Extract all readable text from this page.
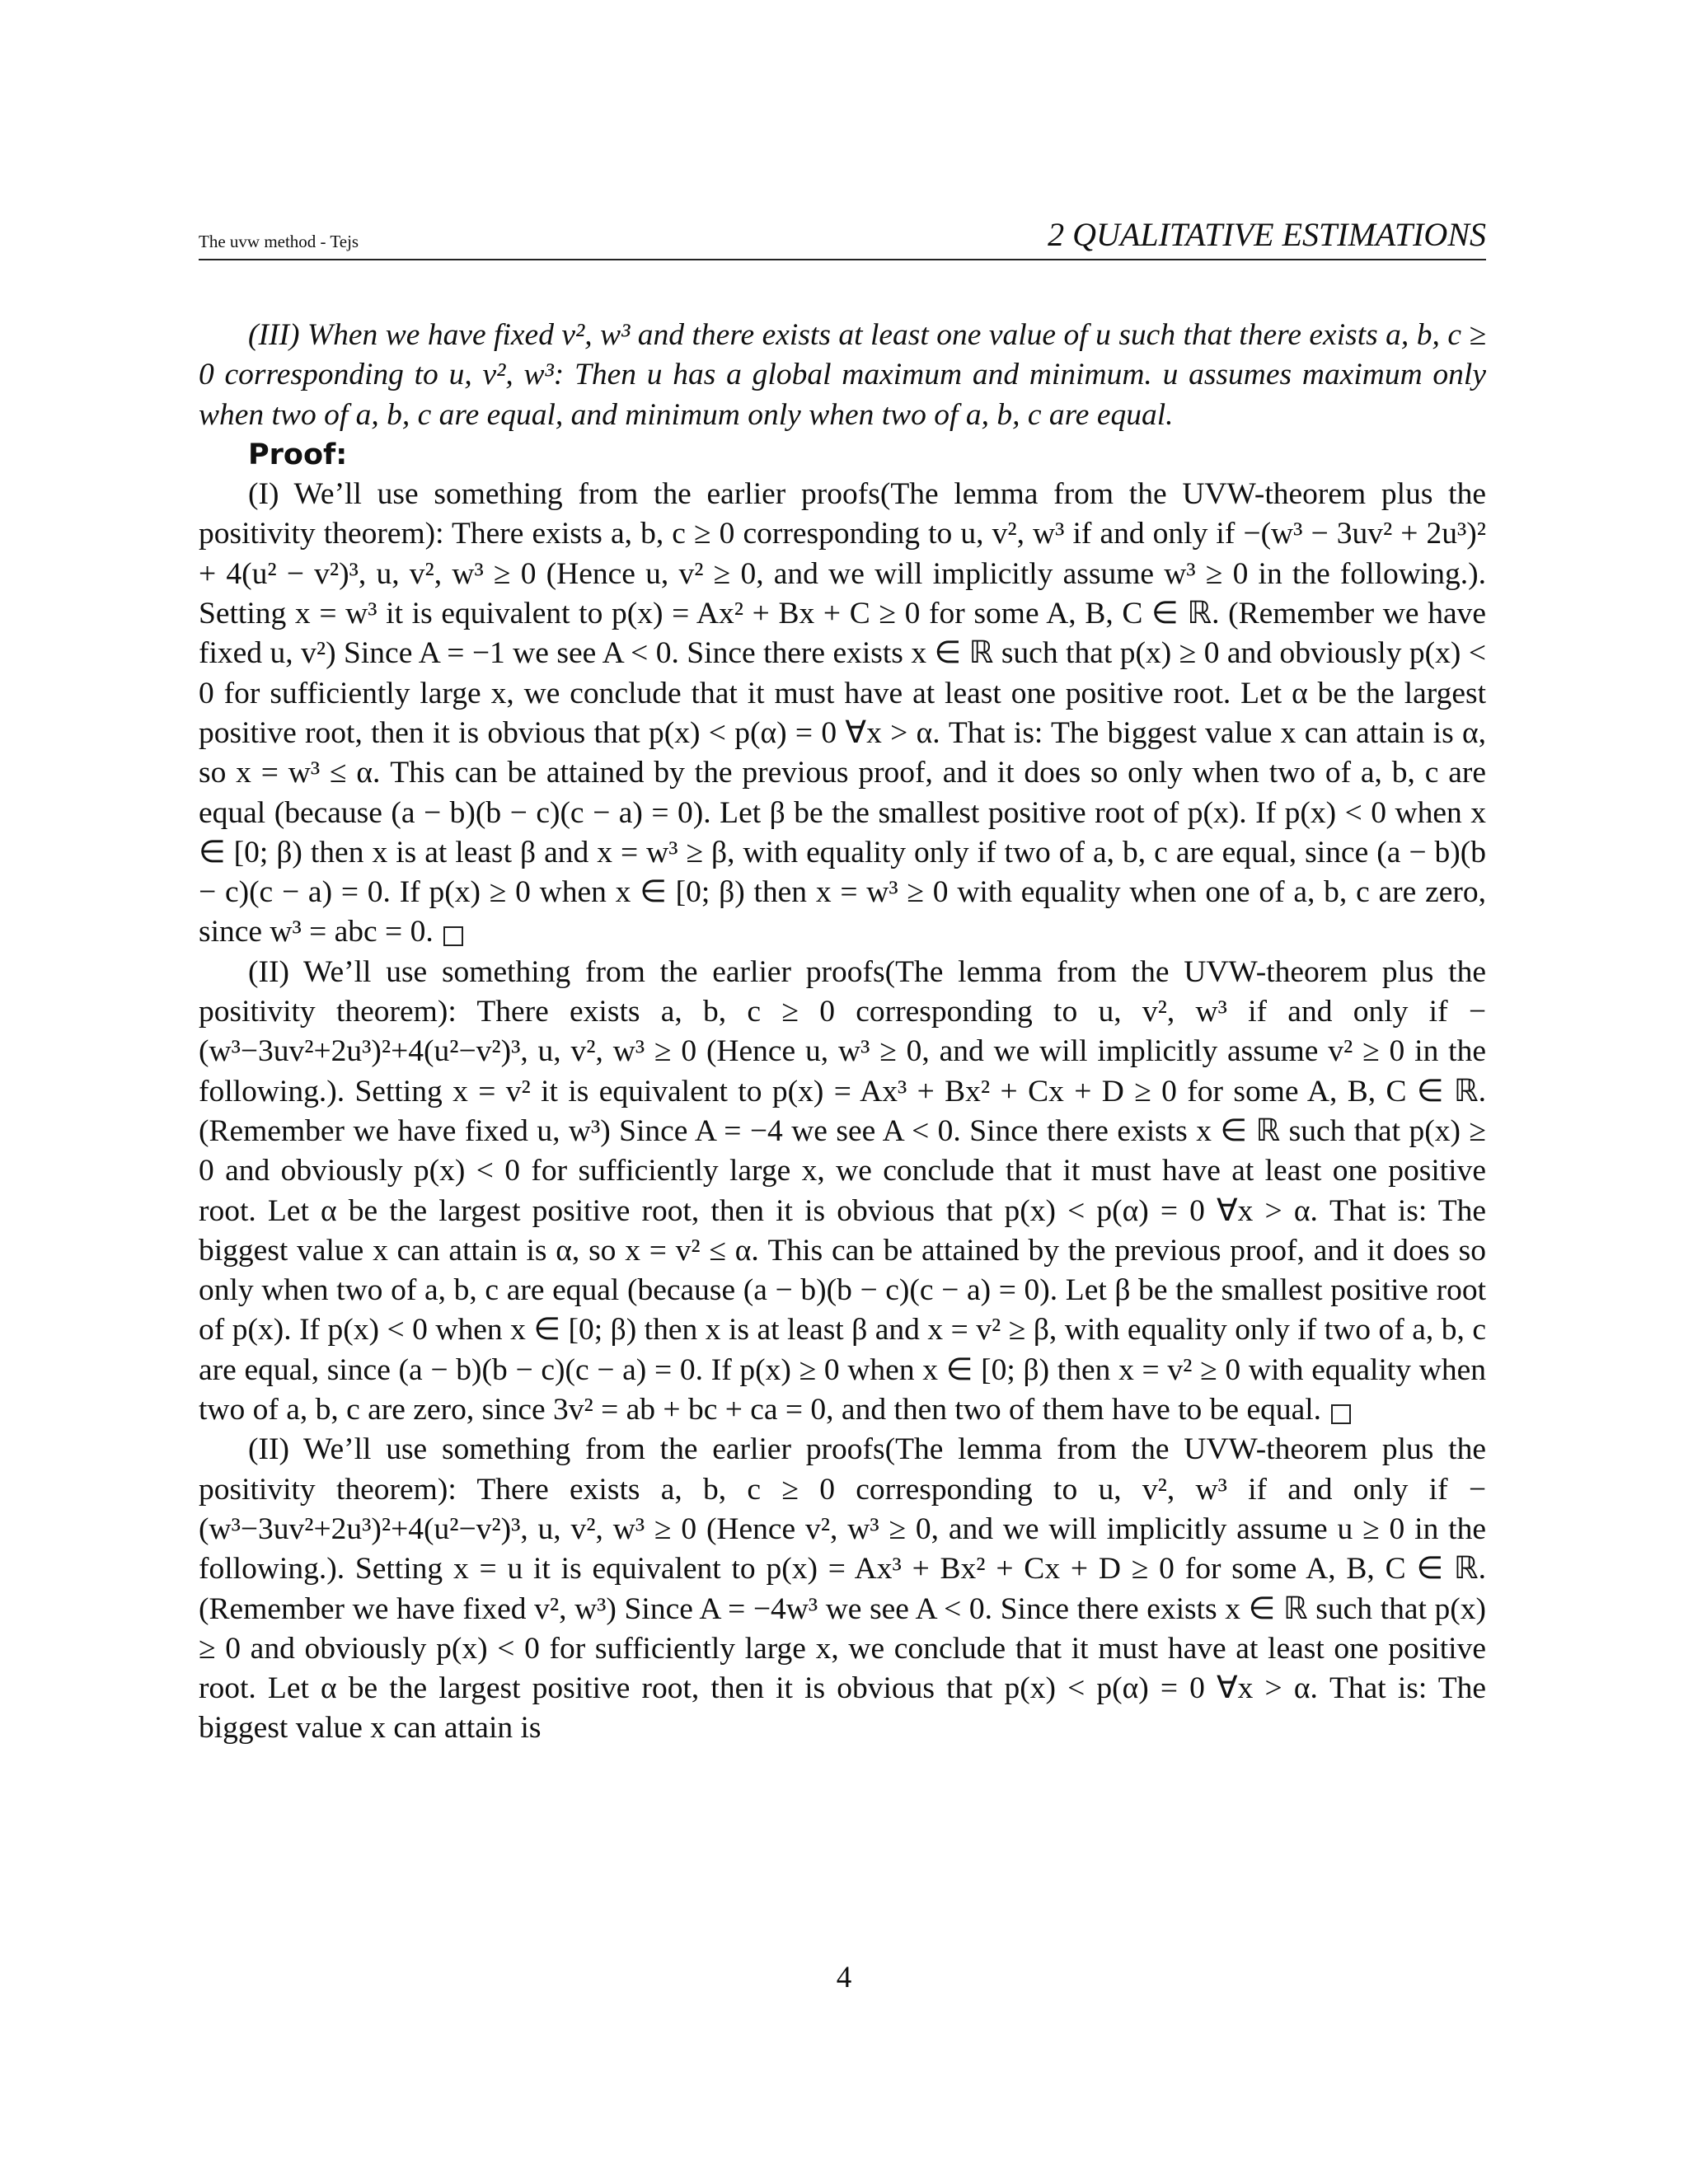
The uvw method - Tejs	2 QUALITATIVE ESTIMATIONS

(III) When we have fixed v², w³ and there exists at least one value of u such that there exists a, b, c ≥ 0 corresponding to u, v², w³: Then u has a global maximum and minimum. u assumes maximum only when two of a, b, c are equal, and minimum only when two of a, b, c are equal.

Proof:

(I) We’ll use something from the earlier proofs(The lemma from the UVW-theorem plus the positivity theorem): There exists a, b, c ≥ 0 corresponding to u, v², w³ if and only if −(w³ − 3uv² + 2u³)² + 4(u² − v²)³, u, v², w³ ≥ 0 (Hence u, v² ≥ 0, and we will implicitly assume w³ ≥ 0 in the following.). Setting x = w³ it is equivalent to p(x) = Ax² + Bx + C ≥ 0 for some A, B, C ∈ ℝ. (Remember we have fixed u, v²) Since A = −1 we see A < 0. Since there exists x ∈ ℝ such that p(x) ≥ 0 and obviously p(x) < 0 for sufficiently large x, we conclude that it must have at least one positive root. Let α be the largest positive root, then it is obvious that p(x) < p(α) = 0 ∀x > α. That is: The biggest value x can attain is α, so x = w³ ≤ α. This can be attained by the previous proof, and it does so only when two of a, b, c are equal (because (a − b)(b − c)(c − a) = 0). Let β be the smallest positive root of p(x). If p(x) < 0 when x ∈ [0; β) then x is at least β and x = w³ ≥ β, with equality only if two of a, b, c are equal, since (a − b)(b − c)(c − a) = 0. If p(x) ≥ 0 when x ∈ [0; β) then x = w³ ≥ 0 with equality when one of a, b, c are zero, since w³ = abc = 0.

(II) We’ll use something from the earlier proofs(The lemma from the UVW-theorem plus the positivity theorem): There exists a, b, c ≥ 0 corresponding to u, v², w³ if and only if −(w³−3uv²+2u³)²+4(u²−v²)³, u, v², w³ ≥ 0 (Hence u, w³ ≥ 0, and we will implicitly assume v² ≥ 0 in the following.). Setting x = v² it is equivalent to p(x) = Ax³ + Bx² + Cx + D ≥ 0 for some A, B, C ∈ ℝ. (Remember we have fixed u, w³) Since A = −4 we see A < 0. Since there exists x ∈ ℝ such that p(x) ≥ 0 and obviously p(x) < 0 for sufficiently large x, we conclude that it must have at least one positive root. Let α be the largest positive root, then it is obvious that p(x) < p(α) = 0 ∀x > α. That is: The biggest value x can attain is α, so x = v² ≤ α. This can be attained by the previous proof, and it does so only when two of a, b, c are equal (because (a − b)(b − c)(c − a) = 0). Let β be the smallest positive root of p(x). If p(x) < 0 when x ∈ [0; β) then x is at least β and x = v² ≥ β, with equality only if two of a, b, c are equal, since (a − b)(b − c)(c − a) = 0. If p(x) ≥ 0 when x ∈ [0; β) then x = v² ≥ 0 with equality when two of a, b, c are zero, since 3v² = ab + bc + ca = 0, and then two of them have to be equal.

(II) We’ll use something from the earlier proofs(The lemma from the UVW-theorem plus the positivity theorem): There exists a, b, c ≥ 0 corresponding to u, v², w³ if and only if −(w³−3uv²+2u³)²+4(u²−v²)³, u, v², w³ ≥ 0 (Hence v², w³ ≥ 0, and we will implicitly assume u ≥ 0 in the following.). Setting x = u it is equivalent to p(x) = Ax³ + Bx² + Cx + D ≥ 0 for some A, B, C ∈ ℝ. (Remember we have fixed v², w³) Since A = −4w³ we see A < 0. Since there exists x ∈ ℝ such that p(x) ≥ 0 and obviously p(x) < 0 for sufficiently large x, we conclude that it must have at least one positive root. Let α be the largest positive root, then it is obvious that p(x) < p(α) = 0 ∀x > α. That is: The biggest value x can attain is

4
